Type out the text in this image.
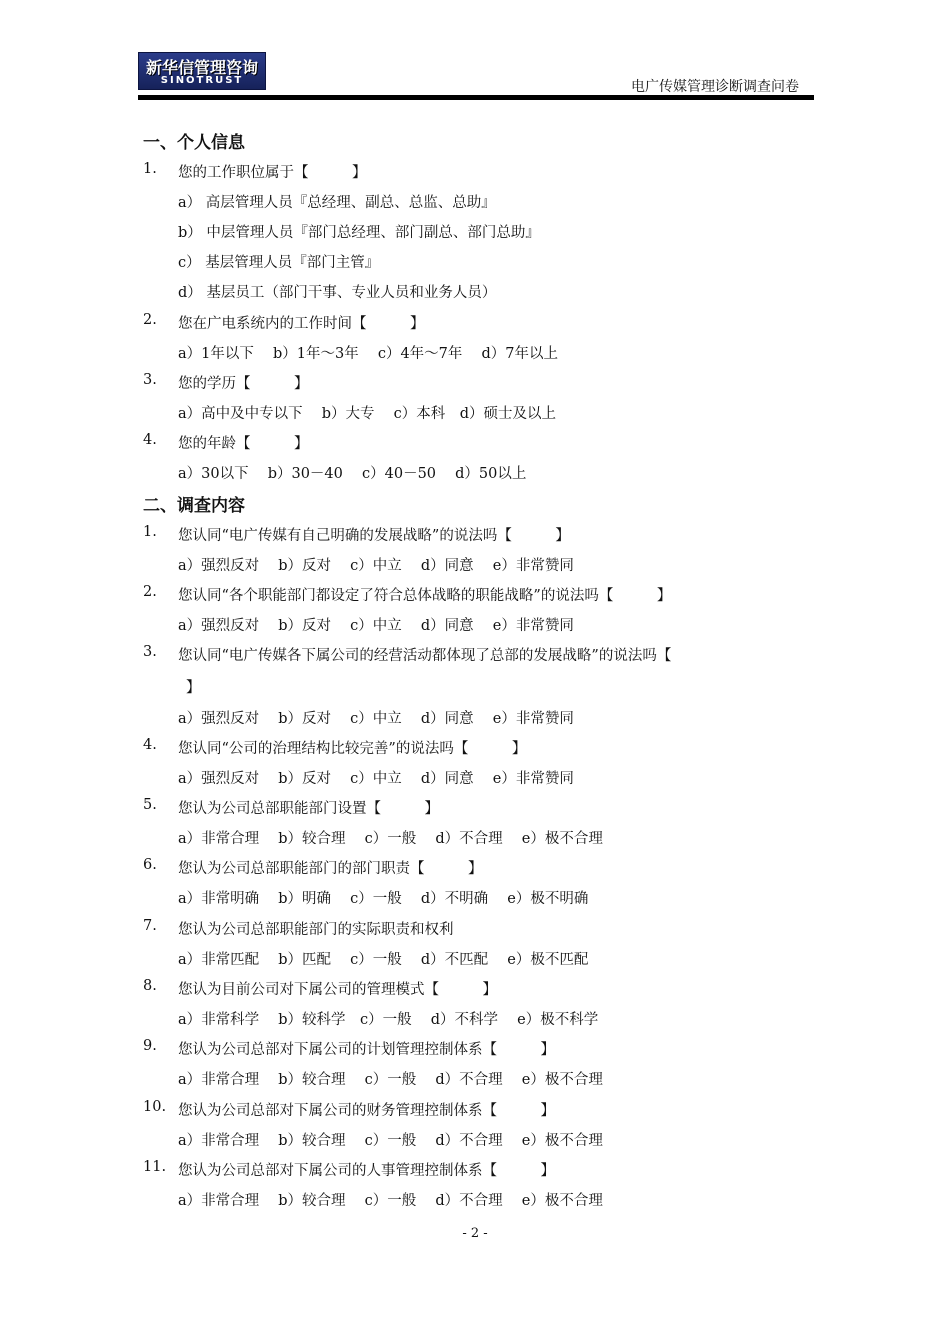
新华信管理咨询
SINOTRUST	电广传媒管理诊断调查问卷
一、个人信息
1. 您的工作职位属于【　　　】
a） 高层管理人员『总经理、副总、总监、总助』
b） 中层管理人员『部门总经理、部门副总、部门总助』
c） 基层管理人员『部门主管』
d） 基层员工（部门干事、专业人员和业务人员）
2. 您在广电系统内的工作时间【　　　】
a）1年以下　 b）1年～3年　 c）4年～7年　 d）7年以上
3. 您的学历【　　　】
a）高中及中专以下　 b）大专　 c）本科　d）硕士及以上
4. 您的年龄【　　　】
a）30以下　 b）30－40　 c）40－50　 d）50以上
二、调查内容
1. 您认同“电广传媒有自己明确的发展战略”的说法吗【　　　】
a）强烈反对　 b）反对　 c）中立　 d）同意　 e）非常赞同
2. 您认同“各个职能部门都设定了符合总体战略的职能战略”的说法吗【　　　】
a）强烈反对　 b）反对　 c）中立　 d）同意　 e）非常赞同
3. 您认同“电广传媒各下属公司的经营活动都体现了总部的发展战略”的说法吗【
】
a）强烈反对　 b）反对　 c）中立　 d）同意　 e）非常赞同
4. 您认同“公司的治理结构比较完善”的说法吗【　　　】
a）强烈反对　 b）反对　 c）中立　 d）同意　 e）非常赞同
5. 您认为公司总部职能部门设置【　　　】
a）非常合理　 b）较合理　 c）一般　 d）不合理　 e）极不合理
6. 您认为公司总部职能部门的部门职责【　　　】
a）非常明确　 b）明确　 c）一般　 d）不明确　 e）极不明确
7. 您认为公司总部职能部门的实际职责和权利
a）非常匹配　 b）匹配　 c）一般　 d）不匹配　 e）极不匹配
8. 您认为目前公司对下属公司的管理模式【　　　】
a）非常科学　 b）较科学　c）一般　 d）不科学　 e）极不科学
9. 您认为公司总部对下属公司的计划管理控制体系【　　　】
a）非常合理　 b）较合理　 c）一般　 d）不合理　 e）极不合理
10. 您认为公司总部对下属公司的财务管理控制体系【　　　】
a）非常合理　 b）较合理　 c）一般　 d）不合理　 e）极不合理
11. 您认为公司总部对下属公司的人事管理控制体系【　　　】
a）非常合理　 b）较合理　 c）一般　 d）不合理　 e）极不合理
- 2 -
